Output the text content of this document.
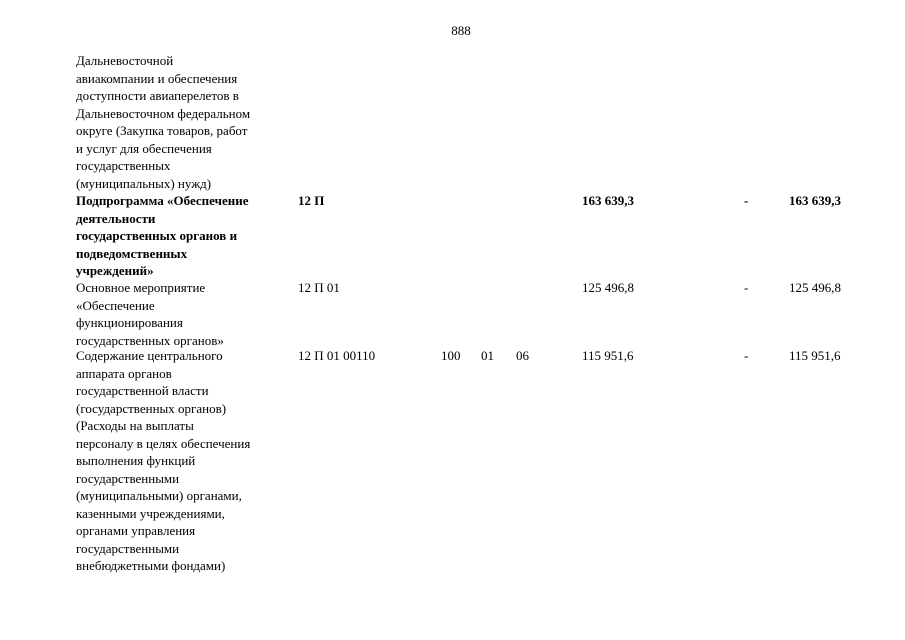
888
Дальневосточной
авиакомпании и обеспечения
доступности авиаперелетов в
Дальневосточном федеральном
округе (Закупка товаров, работ
и услуг для обеспечения
государственных
(муниципальных) нужд)
Подпрограмма «Обеспечение
деятельности
государственных органов и
подведомственных
учреждений»
12 П	163 639,3	-	163 639,3
Основное мероприятие
«Обеспечение
функционирования
государственных органов»
12 П 01	125 496,8	-	125 496,8
Содержание центрального
аппарата органов
государственной власти
(государственных органов)
(Расходы на выплаты
персоналу в целях обеспечения
выполнения функций
государственными
(муниципальными) органами,
казенными учреждениями,
органами управления
государственными
внебюджетными фондами)
12 П 01 00110	100 01 06	115 951,6	-	115 951,6
